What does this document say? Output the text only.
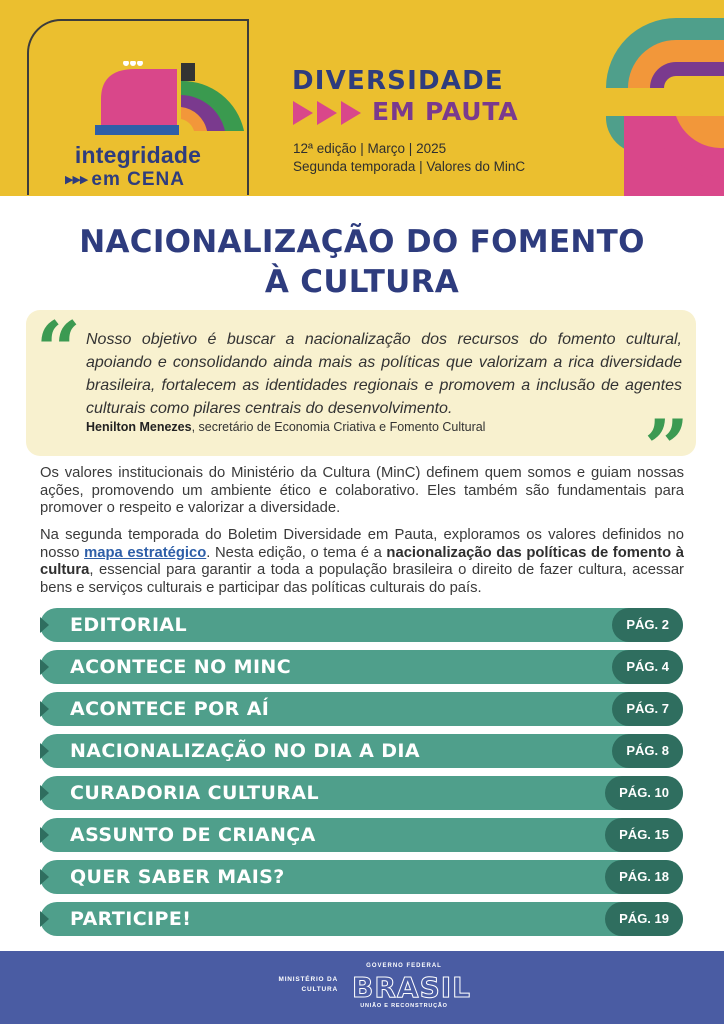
integridade
▶▶▶ em CENA
DIVERSIDADE
EM PAUTA
12ª edição | Março | 2025
Segunda temporada | Valores do MinC
NACIONALIZAÇÃO DO FOMENTO
À CULTURA
“ Nosso objetivo é buscar a nacionalização dos recursos do fomento cultural, apoiando e consolidando ainda mais as políticas que valorizam a rica diversidade brasileira, fortalecem as identidades regionais e promovem a inclusão de agentes culturais como pilares centrais do desenvolvimento.
Henilton Menezes, secretário de Economia Criativa e Fomento Cultural ”
Os valores institucionais do Ministério da Cultura (MinC) definem quem somos e guiam nossas ações, promovendo um ambiente ético e colaborativo. Eles também são fundamentais para promover o respeito e valorizar a diversidade.
Na segunda temporada do Boletim Diversidade em Pauta, exploramos os valores definidos no nosso mapa estratégico. Nesta edição, o tema é a nacionalização das políticas de fomento à cultura, essencial para garantir a toda a população brasileira o direito de fazer cultura, acessar bens e serviços culturais e participar das políticas culturais do país.
EDITORIAL	PÁG. 2
ACONTECE NO MINC	PÁG. 4
ACONTECE POR AÍ	PÁG. 7
NACIONALIZAÇÃO NO DIA A DIA	PÁG. 8
CURADORIA CULTURAL	PÁG. 10
ASSUNTO DE CRIANÇA	PÁG. 15
QUER SABER MAIS?	PÁG. 18
PARTICIPE!	PÁG. 19
MINISTÉRIO DA
CULTURA
GOVERNO FEDERAL
BRASIL
UNIÃO E RECONSTRUÇÃO
